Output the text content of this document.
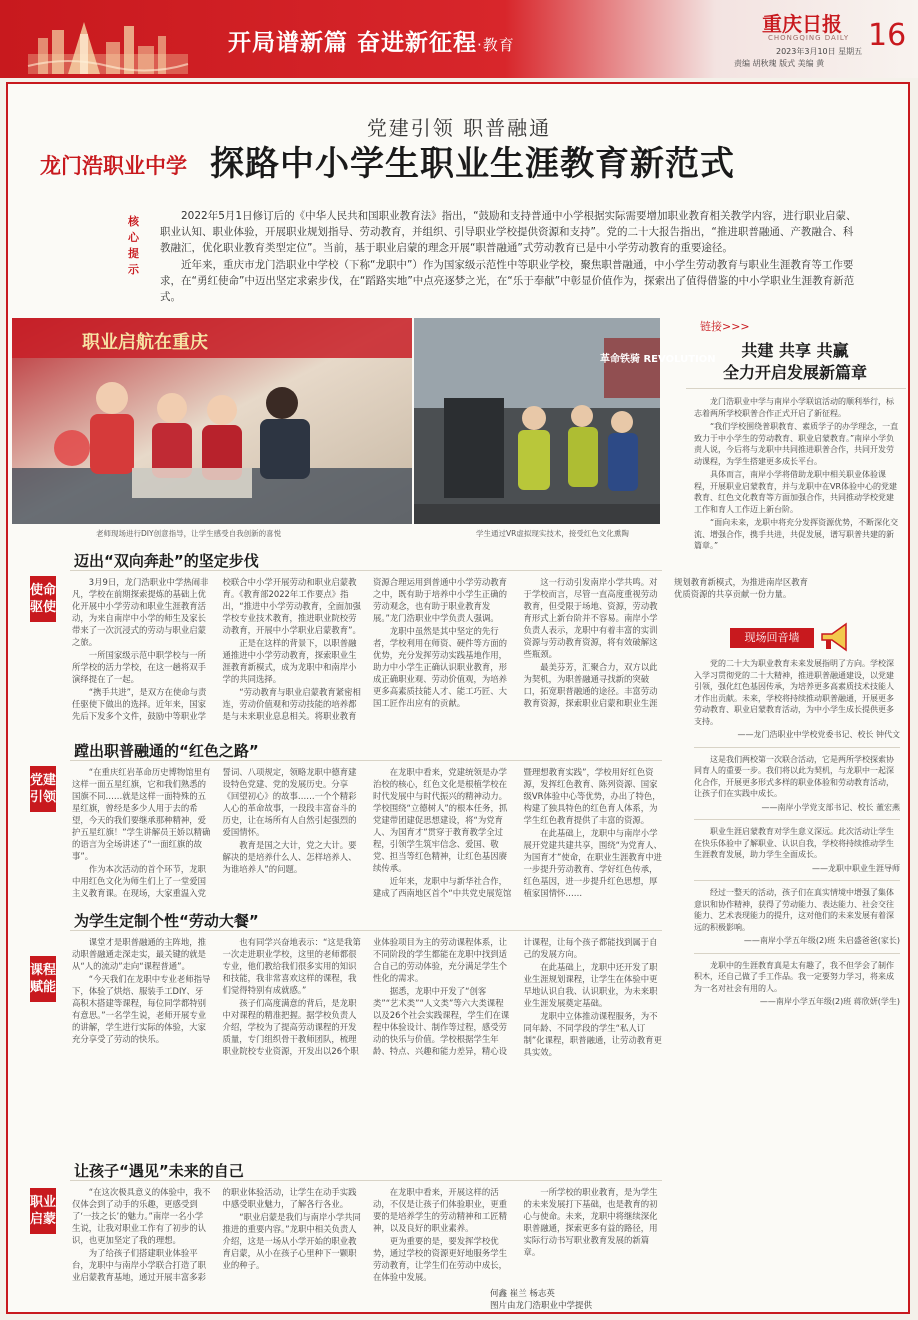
开局谱新篇 奋进新征程·教育
重庆日报
CHONGQING DAILY 16
2023年3月10日 星期五
责编 胡秋瑰 版式 美编 黄
党建引领 职普融通
龙门浩职业中学 探路中小学生职业生涯教育新范式
核心提示

2022年5月1日修订后的《中华人民共和国职业教育法》指出，“鼓励和支持普通中小学根据实际需要增加职业教育相关教学内容，进行职业启蒙、职业认知、职业体验，开展职业规划指导、劳动教育，并组织、引导职业学校提供资源和支持”。党的二十大报告指出，“推进职普融通、产教融合、科教融汇，优化职业教育类型定位”。当前，基于职业启蒙的理念开展“职普融通”式劳动教育已是中小学劳动教育的重要途径。

近年来，重庆市龙门浩职业中学校（下称“龙职中”）作为国家级示范性中等职业学校，聚焦职普融通，中小学生劳动教育与职业生涯教育等工作要求，在“勇红使命”中迈出坚定求索步伐，在“蹈路实地”中点亮逐梦之光，在“乐于奉献”中彰显价值作为，探索出了值得借鉴的中小学职业生涯教育新范式。

职业启航在重庆
老师现场进行DIY创意指导，让学生感受自我创新的喜悦
革命铁骑 REVOLUTION
学生通过VR虚拟现实技术，接受红色文化熏陶
使命驱使
迈出“双向奔赴”的坚定步伐

3月9日，龙门浩职业中学热闹非凡，学校在前期探索提炼的基础上优化开展中小学劳动和职业生涯教育活动，为来自南岸中小学的师生及家长带来了一次沉浸式的劳动与职业启蒙之旅。

一所国家级示范中职学校与一所所学校的活力学校，在这一趟将双手演绎提在了一起。

“携手共进”，是双方在使命与责任驱使下做出的选择。近年来，国家先后下发多个文件，鼓励中等职业学校联合中小学开展劳动和职业启蒙教育。《教育部2022年工作要点》指出，“推进中小学劳动教育，全面加强学校专业技术教育，推进职业院校劳动教育，开展中小学职业启蒙教育”。

正是在这样的背景下，以职普融通推进中小学劳动教育，探索职业生涯教育新模式，成为龙职中和南岸小学的共同选择。

“劳动教育与职业启蒙教育紧密相连，劳动价值观和劳动技能的培养都是与未来职业息息相关。将职业教育资源合理运用到普通中小学劳动教育之中，既有助于培养中小学生正确的劳动观念，也有助于职业教育发展。”龙门浩职业中学负责人强调。

龙职中虽然是其中坚定的先行者，学校利用在师资、硬件等方面的优势，充分发挥劳动实践基地作用，助力中小学生正确认识职业教育，形成正确职业观、劳动价值观，为培养更多高素质技能人才、能工巧匠、大国工匠作出应有的贡献。

这一行动引发南岸小学共鸣。对于学校而言，尽管一直高度重视劳动教育，但受限于场地、资源，劳动教育形式上新台阶并不容易。南岸小学负责人表示，龙职中有着丰富的实训资源与劳动教育资源，将有效破解这些瓶颈。

最美芬芳，汇聚合力，双方以此为契机，为职普融通寻找新的突破口，拓宽职普融通的途径。丰富劳动教育资源，探索职业启蒙和职业生涯规划教育新模式，为推进南岸区教育优质资源的共享贡献一份力量。

党建引领
蹚出职普融通的“红色之路”

“在重庆红岩革命历史博物馆里有这样一面五星红旗，它和我们熟悉的国旗不同……就是这样一面特殊的五星红旗，曾经是多少人用于去的希望，今天的我们要继承那种精神，爱护五星红旗！”学生讲解员王娇以精确的语言为全场讲述了“一面红旗的故事”。

作为本次活动的首个环节，龙职中用红色文化为师生们上了一堂爱国主义教育课。在现场，大家重温入党誓词、八项规定，领略龙职中德育建设特色党建、党的发展历史。分享《回望初心》的故事……一个个精彩人心的革命故事，一段段丰富奋斗的历史，让在场所有人自然引起强烈的爱国情怀。

教育是国之大计，党之大计。要解决的是培养什么人、怎样培养人、为谁培养人”的问题。

在龙职中看来，党建统领是办学治校的核心，红色文化是根植学校在时代发展中与时代振兴的精神动力。学校围绕“立德树人”的根本任务，抓党建带团建促思想建设，将“为党育人、为国育才”贯穿于教育教学全过程，引领学生筑牢信念、爱国、敬党、担当等红色精神，让红色基因赓续传承。

近年来，龙职中与新华社合作，建成了西南地区首个“中共党史展览馆暨理想教育实践”，学校用好红色资源，发挥红色教育、陈列资源、国家级VR体验中心等优势，办出了特色，构建了独具特色的红色育人体系，为学生红色教育提供了丰富的资源。

在此基础上，龙职中与南岸小学展开党建共建共享，围绕“为党育人、为国育才”使命，在职业生涯教育中进一步提升劳动教育、学好红色传承，红色基因，进一步提升红色思想，厚植家国情怀……

课程赋能
为学生定制个性“劳动大餐”

课堂才是职普融通的主阵地，推动职普融通走深走实，最关键的就是从“人的流动”走向“课程普通”。

“今天我们在龙职中专业老师指导下，体验了烘焙、服装手工DIY、牙高积木搭建等课程，每位同学都特别有意思。”一名学生说，老师开展专业的讲解，学生进行实际的体验，大家充分享受了劳动的快乐。

也有同学兴奋地表示：“这是我第一次走进职业学校，这里的老师都很专业，他们教给我们很多实用的知识和技能，我非常喜欢这样的课程，我们觉得特别有成就感。”

孩子们高度满意的背后，是龙职中对课程的精准把握。据学校负责人介绍，学校为了提高劳动课程的开发质量，专门组织骨干教师团队，梳理职业院校专业资源，开发出以26个职业体验项目为主的劳动课程体系，让不同阶段的学生都能在龙职中找到适合自己的劳动体验，充分满足学生个性化的需求。

据悉，龙职中开发了“创客类”“艺术类”“人文类”等六大类课程以及26个社会实践课程，学生们在课程中体验设计、制作等过程，感受劳动的快乐与价值。学校根据学生年龄、特点、兴趣和能力差异，精心设计课程，让每个孩子都能找到属于自己的发展方向。

在此基础上，龙职中还开发了职业生涯规划课程，让学生在体验中更早地认识自我、认识职业，为未来职业生涯发展奠定基础。

龙职中立体推动课程服务，为不同年龄、不同学段的学生“私人订制”化课程，职普融通，让劳动教育更具实效。

职业启蒙
让孩子“遇见”未来的自己

“在这次极具意义的体验中，我不仅体会到了动手的乐趣，更感受到了‘一技之长’的魅力。”南岸一名小学生说，让我对职业工作有了初步的认识，也更加坚定了我的理想。

为了给孩子们搭建职业体验平台，龙职中与南岸小学联合打造了职业启蒙教育基地，通过开展丰富多彩的职业体验活动，让学生在动手实践中感受职业魅力，了解各行各业。

“职业启蒙是我们与南岸小学共同推进的重要内容。”龙职中相关负责人介绍，这是一场从小学开始的职业教育启蒙，从小在孩子心里种下一颗职业的种子。

在龙职中看来，开展这样的活动，不仅是让孩子们体验职业，更重要的是培养学生的劳动精神和工匠精神，以及良好的职业素养。

更为重要的是，要发挥学校优势，通过学校的资源更好地服务学生劳动教育，让学生们在劳动中成长，在体验中发展。

一所学校的职业教育，是为学生的未来发展打下基础，也是教育的初心与使命。未来，龙职中将继续深化职普融通，探索更多有益的路径，用实际行动书写职业教育发展的新篇章。

何鑫 崔兰 杨志英
图片由龙门浩职业中学提供
链接>>>
共建 共享 共赢
全力开启发展新篇章

龙门浩职业中学与南岸小学联谊活动的顺利举行，标志着两所学校职普合作正式开启了新征程。

“我们学校围绕普职教育、素质学子的办学理念，一直致力于中小学生的劳动教育、职业启蒙教育。”南岸小学负责人说，今后将与龙职中共同推进职普合作，共同开发劳动课程，为学生搭建更多成长平台。

具体而言，南岸小学将借助龙职中相关职业体验课程，开展职业启蒙教育，并与龙职中在VR体验中心的党建教育、红色文化教育等方面加强合作，共同推动学校党建工作和育人工作迈上新台阶。

“面向未来，龙职中将充分发挥资源优势，不断深化交流、增强合作，携手共进，共促发展，谱写职普共建的新篇章。”

现场回音墙

党的二十大为职业教育未来发展指明了方向。学校深入学习贯彻党的二十大精神，推进职普融通建设，以党建引领，强化红色基因传承，为培养更多高素质技术技能人才作出贡献。未来，学校将持续推动职普融通，开展更多劳动教育、职业启蒙教育活动，为中小学生成长提供更多支持。

——龙门浩职业中学校党委书记、校长 钟代文

这是我们两校第一次联合活动，它是两所学校探索协同育人的重要一步。我们将以此为契机，与龙职中一起深化合作，开展更多形式多样的职业体验和劳动教育活动，让孩子们在实践中成长。

——南岸小学党支部书记、校长 董宏燕

职业生涯启蒙教育对学生意义深远。此次活动让学生在快乐体验中了解职业、认识自我，学校将持续推动学生生涯教育发展，助力学生全面成长。

——龙职中职业生涯导师

经过一整天的活动，孩子们在真实情境中增强了集体意识和协作精神，获得了劳动能力、表达能力、社会交往能力、艺术表现能力的提升，这对他们的未来发展有着深远的积极影响。

——南岸小学五年级(2)班 朱启盛爸爸(家长)

龙职中的生涯教育真是太有趣了，我不但学会了制作积木，还自己做了手工作品。我一定要努力学习，将来成为一名对社会有用的人。

——南岸小学五年级(2)班 蒋欣妍(学生)
